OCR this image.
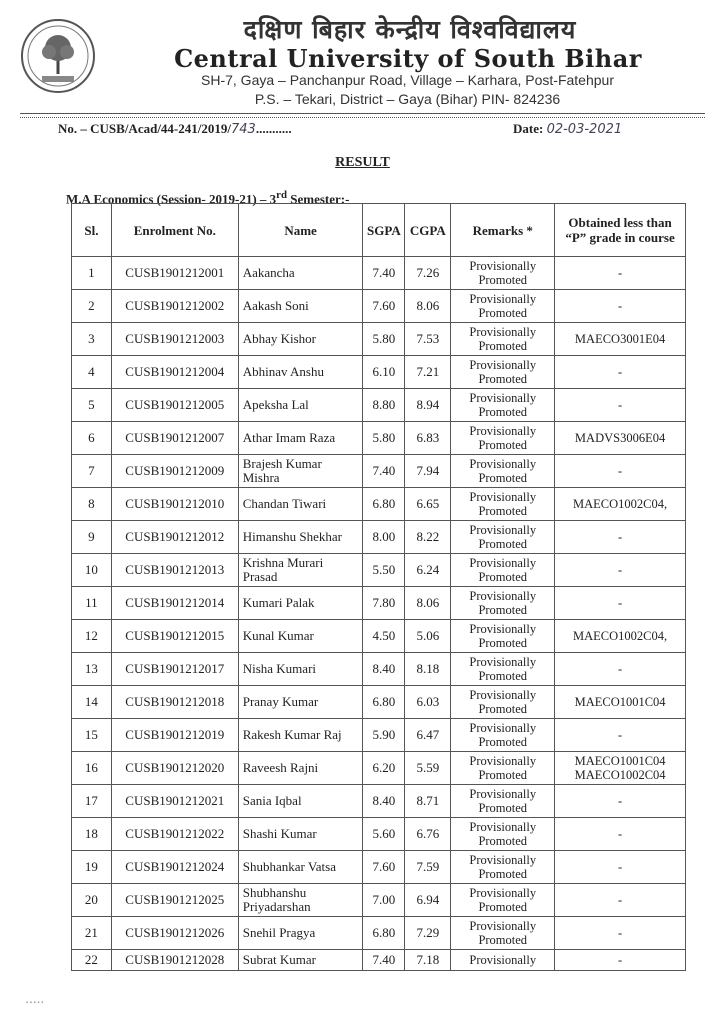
दक्षिण बिहार केन्द्रीय विश्वविद्यालय
Central University of South Bihar
SH-7, Gaya – Panchanpur Road, Village – Karhara, Post-Fatehpur
P.S. – Tekari, District – Gaya (Bihar) PIN- 824236
No. – CUSB/Acad/44-241/2019/743...........	Date: 02-03-2021
RESULT
M.A Economics (Session- 2019-21) – 3rd Semester:-
Sl.	Enrolment No.	Name	SGPA	CGPA	Remarks *	Obtained less than “P” grade in course
1	CUSB1901212001	Aakancha	7.40	7.26	Provisionally Promoted	-
2	CUSB1901212002	Aakash Soni	7.60	8.06	Provisionally Promoted	-
3	CUSB1901212003	Abhay Kishor	5.80	7.53	Provisionally Promoted	MAECO3001E04
4	CUSB1901212004	Abhinav Anshu	6.10	7.21	Provisionally Promoted	-
5	CUSB1901212005	Apeksha Lal	8.80	8.94	Provisionally Promoted	-
6	CUSB1901212007	Athar Imam Raza	5.80	6.83	Provisionally Promoted	MADVS3006E04
7	CUSB1901212009	Brajesh Kumar Mishra	7.40	7.94	Provisionally Promoted	-
8	CUSB1901212010	Chandan Tiwari	6.80	6.65	Provisionally Promoted	MAECO1002C04,
9	CUSB1901212012	Himanshu Shekhar	8.00	8.22	Provisionally Promoted	-
10	CUSB1901212013	Krishna Murari Prasad	5.50	6.24	Provisionally Promoted	-
11	CUSB1901212014	Kumari Palak	7.80	8.06	Provisionally Promoted	-
12	CUSB1901212015	Kunal Kumar	4.50	5.06	Provisionally Promoted	MAECO1002C04,
13	CUSB1901212017	Nisha Kumari	8.40	8.18	Provisionally Promoted	-
14	CUSB1901212018	Pranay Kumar	6.80	6.03	Provisionally Promoted	MAECO1001C04
15	CUSB1901212019	Rakesh Kumar Raj	5.90	6.47	Provisionally Promoted	-
16	CUSB1901212020	Raveesh Rajni	6.20	5.59	Provisionally Promoted	MAECO1001C04 MAECO1002C04
17	CUSB1901212021	Sania Iqbal	8.40	8.71	Provisionally Promoted	-
18	CUSB1901212022	Shashi Kumar	5.60	6.76	Provisionally Promoted	-
19	CUSB1901212024	Shubhankar Vatsa	7.60	7.59	Provisionally Promoted	-
20	CUSB1901212025	Shubhanshu Priyadarshan	7.00	6.94	Provisionally Promoted	-
21	CUSB1901212026	Snehil Pragya	6.80	7.29	Provisionally Promoted	-
22	CUSB1901212028	Subrat Kumar	7.40	7.18	Provisionally	-
▪ ▪ ▪ ▪ ▪
